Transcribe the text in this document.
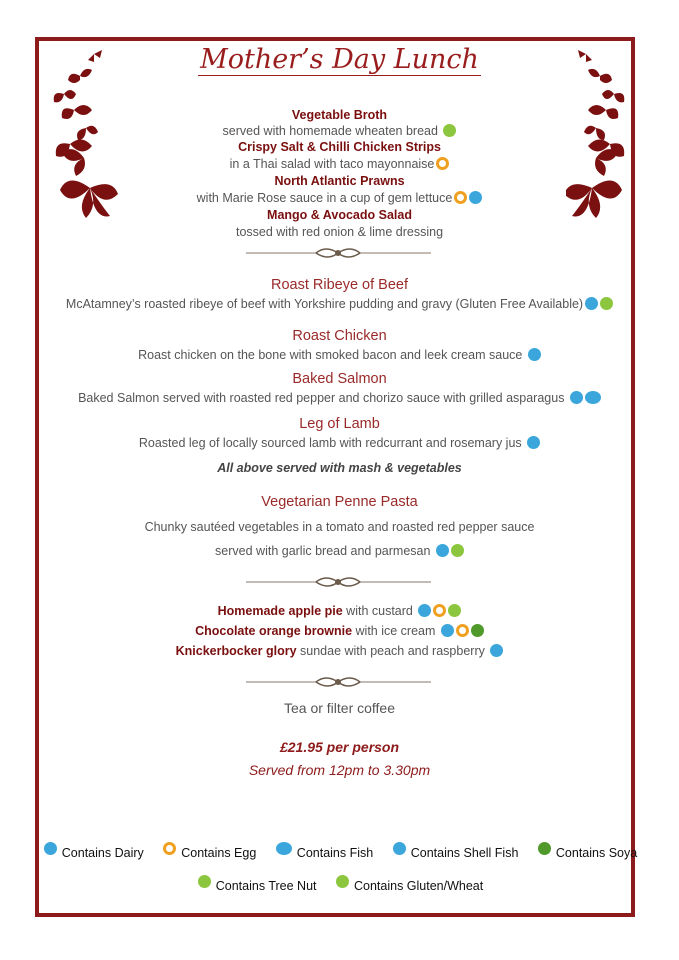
Mother’s Day Lunch
Vegetable Broth
served with homemade wheaten bread
Crispy Salt & Chilli Chicken Strips
in a Thai salad with taco mayonnaise
North Atlantic Prawns
with Marie Rose sauce in a cup of gem lettuce
Mango & Avocado Salad
tossed with red onion & lime dressing
Roast Ribeye of Beef
McAtamney’s roasted ribeye of beef with Yorkshire pudding and gravy (Gluten Free Available)
Roast Chicken
Roast chicken on the bone with smoked bacon and leek cream sauce
Baked Salmon
Baked Salmon served with roasted red pepper and chorizo sauce with grilled asparagus
Leg of Lamb
Roasted leg of locally sourced lamb with redcurrant and rosemary jus
All above served with mash & vegetables
Vegetarian Penne Pasta
Chunky sautéed vegetables in a tomato and roasted red pepper sauce
served with garlic bread and parmesan
Homemade apple pie with custard
Chocolate orange brownie with ice cream
Knickerbocker glory sundae with peach and raspberry
Tea or filter coffee
£21.95 per person
Served from 12pm to 3.30pm
Contains Dairy	Contains Egg	Contains Fish	Contains Shell Fish	Contains Soya
Contains Tree Nut	Contains Gluten/Wheat
